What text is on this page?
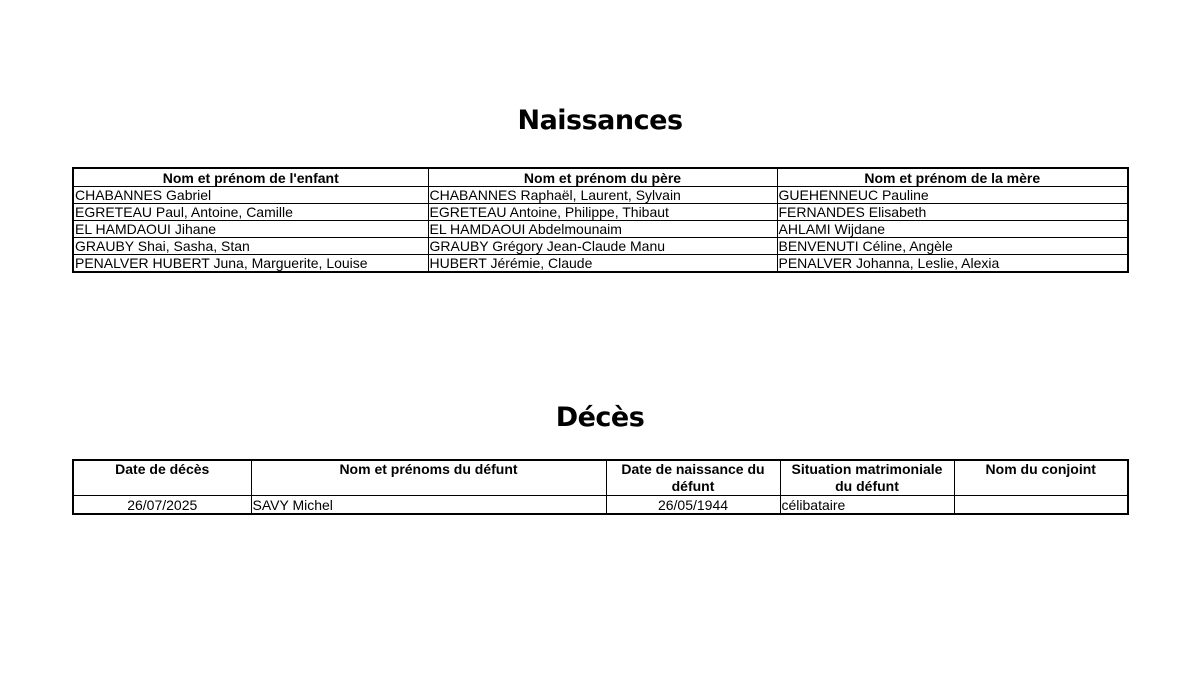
Naissances
Nom et prénom de l'enfant	Nom et prénom du père	Nom et prénom de la mère
CHABANNES Gabriel	CHABANNES Raphaël, Laurent, Sylvain	GUEHENNEUC Pauline
EGRETEAU Paul, Antoine, Camille	EGRETEAU Antoine, Philippe, Thibaut	FERNANDES Elisabeth
EL HAMDAOUI Jihane	EL HAMDAOUI Abdelmounaim	AHLAMI Wijdane
GRAUBY Shai, Sasha, Stan	GRAUBY Grégory Jean-Claude Manu	BENVENUTI Céline, Angèle
PENALVER HUBERT Juna, Marguerite, Louise	HUBERT Jérémie, Claude	PENALVER Johanna, Leslie, Alexia
Décès
Date de décès	Nom et prénoms du défunt	Date de naissance du défunt	Situation matrimoniale du défunt	Nom du conjoint
26/07/2025	SAVY Michel	26/05/1944	célibataire	
